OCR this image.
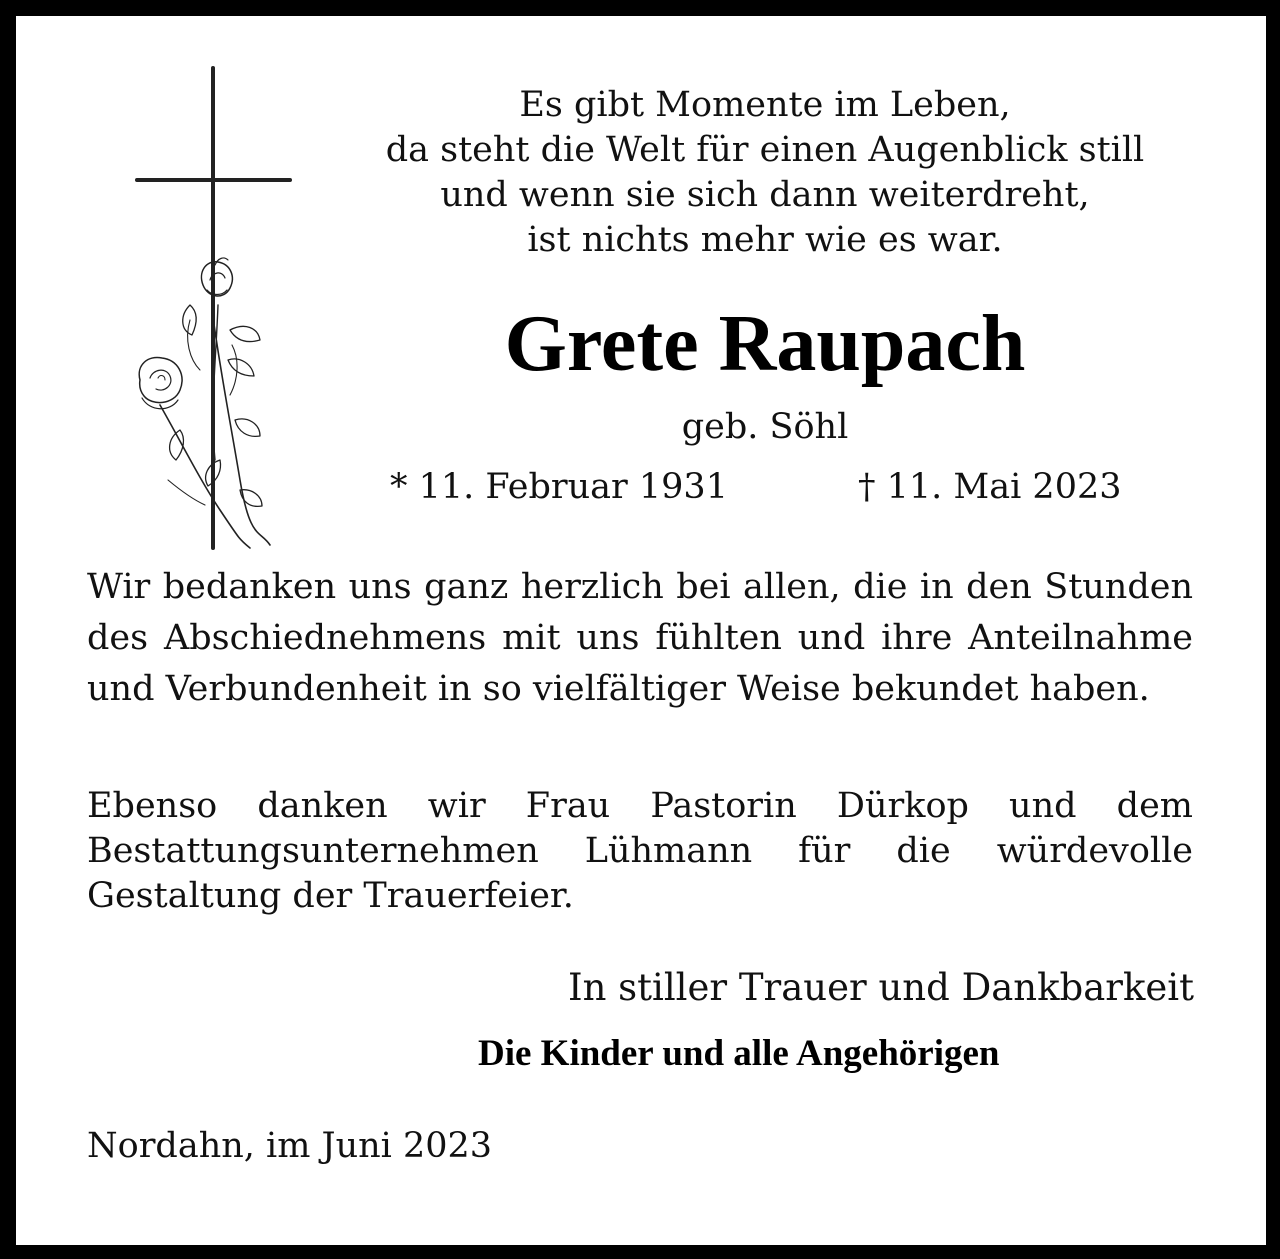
Es gibt Momente im Leben,
da steht die Welt für einen Augenblick still
und wenn sie sich dann weiterdreht,
ist nichts mehr wie es war.
Grete Raupach
geb. Söhl
* 11. Februar 1931	† 11. Mai 2023
Wir bedanken uns ganz herzlich bei allen, die in den Stunden des Abschiednehmens mit uns fühlten und ihre Anteilnahme und Verbundenheit in so vielfältiger Weise bekundet haben.
Ebenso danken wir Frau Pastorin Dürkop und dem Bestattungsunternehmen Lühmann für die würdevolle Gestaltung der Trauerfeier.
In stiller Trauer und Dankbarkeit
Die Kinder und alle Angehörigen
Nordahn, im Juni 2023
